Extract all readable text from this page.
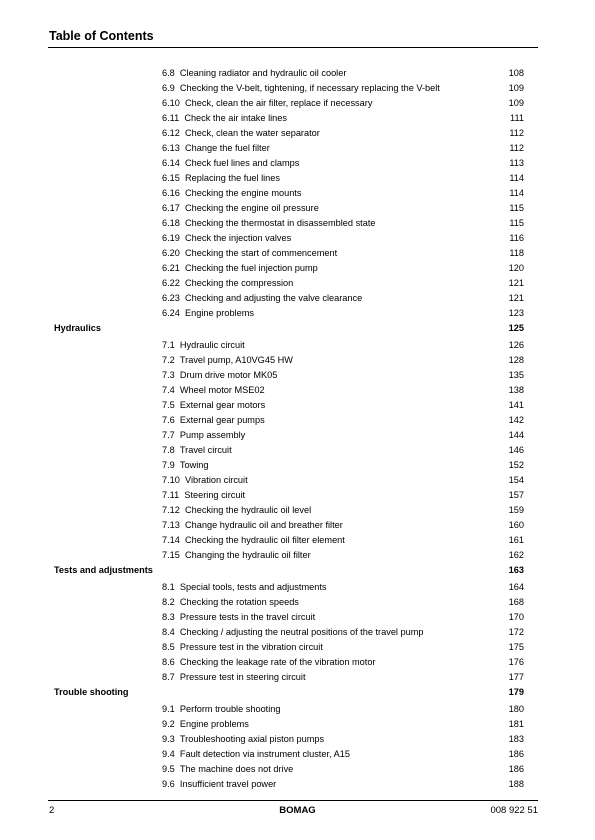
Table of Contents
6.8 Cleaning radiator and hydraulic oil cooler	108
6.9 Checking the V-belt, tightening, if necessary replacing the V-belt	109
6.10 Check, clean the air filter, replace if necessary	109
6.11 Check the air intake lines	111
6.12 Check, clean the water separator	112
6.13 Change the fuel filter	112
6.14 Check fuel lines and clamps	113
6.15 Replacing the fuel lines	114
6.16 Checking the engine mounts	114
6.17 Checking the engine oil pressure	115
6.18 Checking the thermostat in disassembled state	115
6.19 Check the injection valves	116
6.20 Checking the start of commencement	118
6.21 Checking the fuel injection pump	120
6.22 Checking the compression	121
6.23 Checking and adjusting the valve clearance	121
6.24 Engine problems	123
Hydraulics	125
7.1 Hydraulic circuit	126
7.2 Travel pump, A10VG45 HW	128
7.3 Drum drive motor MK05	135
7.4 Wheel motor MSE02	138
7.5 External gear motors	141
7.6 External gear pumps	142
7.7 Pump assembly	144
7.8 Travel circuit	146
7.9 Towing	152
7.10 Vibration circuit	154
7.11 Steering circuit	157
7.12 Checking the hydraulic oil level	159
7.13 Change hydraulic oil and breather filter	160
7.14 Checking the hydraulic oil filter element	161
7.15 Changing the hydraulic oil filter	162
Tests and adjustments	163
8.1 Special tools, tests and adjustments	164
8.2 Checking the rotation speeds	168
8.3 Pressure tests in the travel circuit	170
8.4 Checking / adjusting the neutral positions of the travel pump	172
8.5 Pressure test in the vibration circuit	175
8.6 Checking the leakage rate of the vibration motor	176
8.7 Pressure test in steering circuit	177
Trouble shooting	179
9.1 Perform trouble shooting	180
9.2 Engine problems	181
9.3 Troubleshooting axial piston pumps	183
9.4 Fault detection via instrument cluster, A15	186
9.5 The machine does not drive	186
9.6 Insufficient travel power	188
2	BOMAG	008 922 51
